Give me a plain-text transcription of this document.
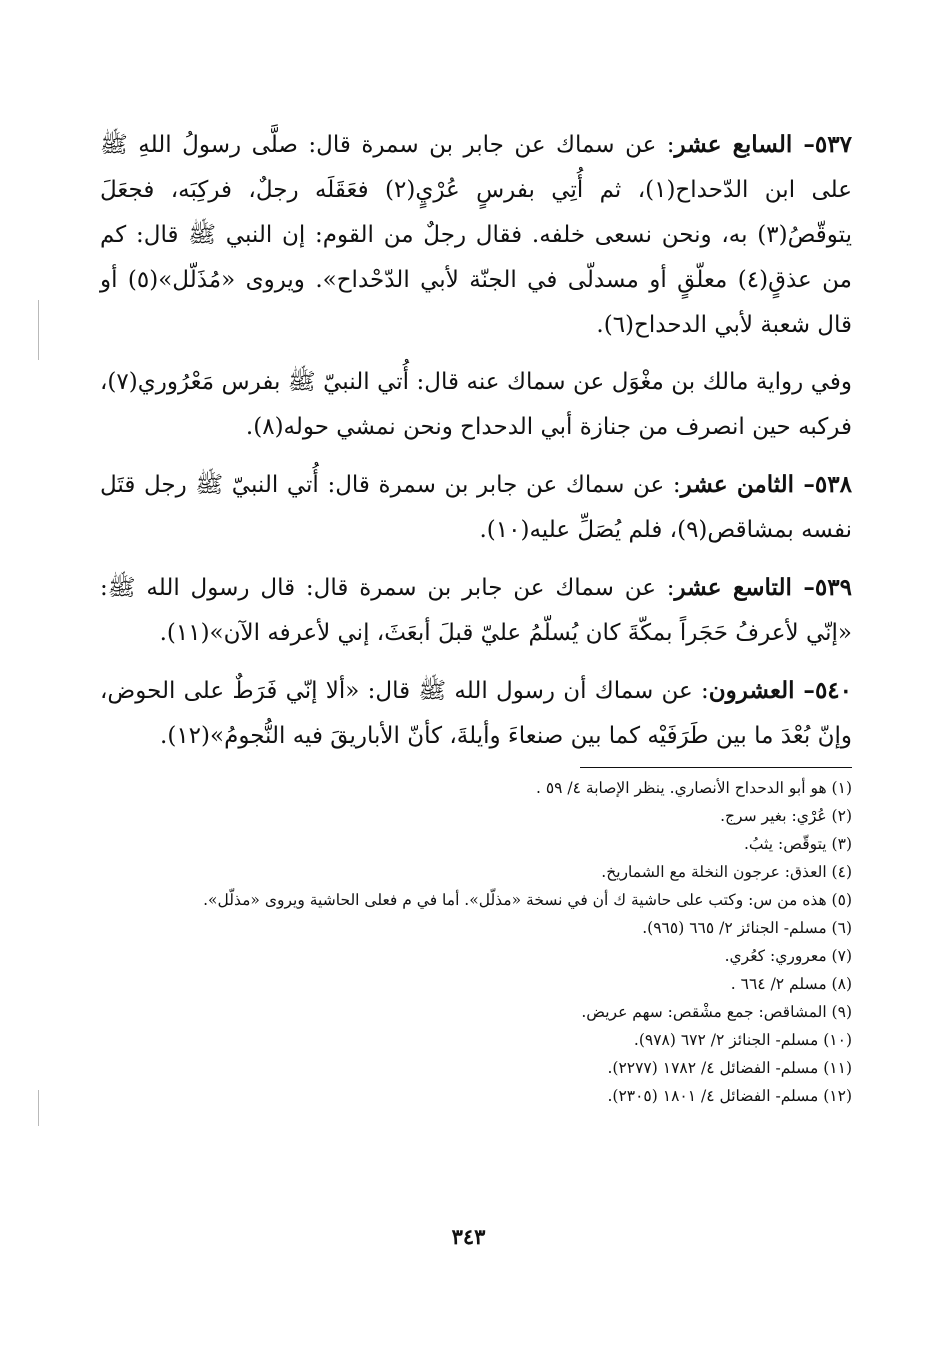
٥٣٧– السابع عشر: عن سماك عن جابر بن سمرة قال: صلَّى رسولُ اللهِ ﷺ على ابن الدّحداح(١)، ثم أُتِي بفرسٍ عُرْيٍ(٢) فعَقَلَه رجلٌ، فركِبَه، فجعَلَ يتوقّصُ(٣) به، ونحن نسعى خلفه. فقال رجلٌ من القوم: إن النبي ﷺ قال: كم من عذقٍ(٤) معلّقٍ أو مسدلّى في الجنّة لأبي الدّحْداح». ويروى «مُذَلّل»(٥) أو قال شعبة لأبي الدحداح(٦).

وفي رواية مالك بن مغْوَل عن سماك عنه قال: أُتي النبيّ ﷺ بفرس مَعْرُوري(٧)، فركبه حين انصرف من جنازة أبي الدحداح ونحن نمشي حوله(٨).

٥٣٨– الثامن عشر: عن سماك عن جابر بن سمرة قال: أُتي النبيّ ﷺ رجل قتَل نفسه بمشاقص(٩)، فلم يُصَلِّ عليه(١٠).

٥٣٩– التاسع عشر: عن سماك عن جابر بن سمرة قال: قال رسول الله ﷺ: «إنّي لأعرفُ حَجَراً بمكّةَ كان يُسلّمُ عليّ قبلَ أبعَثَ، إني لأعرفه الآن»(١١).

٥٤٠– العشرون: عن سماك أن رسول الله ﷺ قال: «ألا إنّي فَرَطٌ على الحوض، وإنّ بُعْدَ ما بين طَرَفَيْه كما بين صنعاءَ وأيلةَ، كأنّ الأباريقَ فيه النُّجومُ»(١٢).

(١) هو أبو الدحداح الأنصاري. ينظر الإصابة ٤/ ٥٩ .
(٢) عُرْي: بغير سرج.
(٣) يتوقّص: يثبُ.
(٤) العذق: عرجون النخلة مع الشماريخ.
(٥) هذه من س: وكتب على حاشية ك أن في نسخة «مذلّل». أما في م فعلى الحاشية ويروى «مذلّل».
(٦) مسلم- الجنائز ٢/ ٦٦٥ (٩٦٥).
(٧) معروري: كعُري.
(٨) مسلم ٢/ ٦٦٤ .
(٩) المشاقص: جمع مشْقص: سهم عريض.
(١٠) مسلم- الجنائز ٢/ ٦٧٢ (٩٧٨).
(١١) مسلم- الفضائل ٤/ ١٧٨٢ (٢٢٧٧).
(١٢) مسلم- الفضائل ٤/ ١٨٠١ (٢٣٠٥).
٣٤٣
